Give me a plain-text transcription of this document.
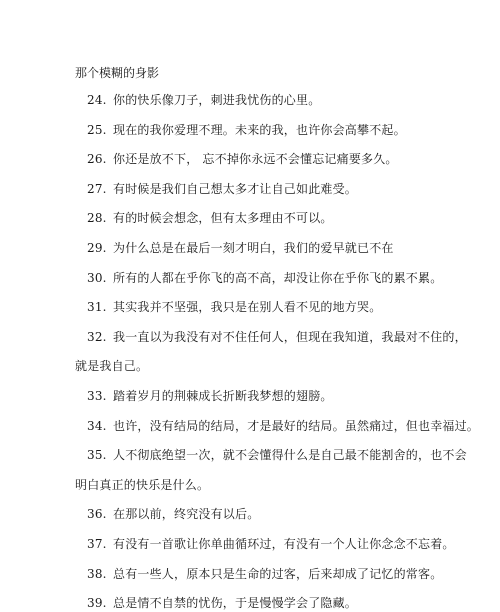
那个模糊的身影
24. 你的快乐像刀子，刺进我忧伤的心里。
25. 现在的我你爱理不理。未来的我，也许你会高攀不起。
26. 你还是放不下， 忘不掉你永远不会懂忘记痛要多久。
27. 有时候是我们自己想太多才让自己如此难受。
28. 有的时候会想念，但有太多理由不可以。
29. 为什么总是在最后一刻才明白，我们的爱早就已不在
30. 所有的人都在乎你飞的高不高，却没让你在乎你飞的累不累。
31. 其实我并不坚强，我只是在别人看不见的地方哭。
32. 我一直以为我没有对不住任何人，但现在我知道，我最对不住的，
就是我自己。
33. 踏着岁月的荆棘成长折断我梦想的翅膀。
34. 也许，没有结局的结局，才是最好的结局。虽然痛过，但也幸福过。
35. 人不彻底绝望一次，就不会懂得什么是自己最不能割舍的，也不会
明白真正的快乐是什么。
36. 在那以前，终究没有以后。
37. 有没有一首歌让你单曲循环过，有没有一个人让你念念不忘着。
38. 总有一些人，原本只是生命的过客，后来却成了记忆的常客。
39. 总是情不自禁的忧伤，于是慢慢学会了隐藏。
